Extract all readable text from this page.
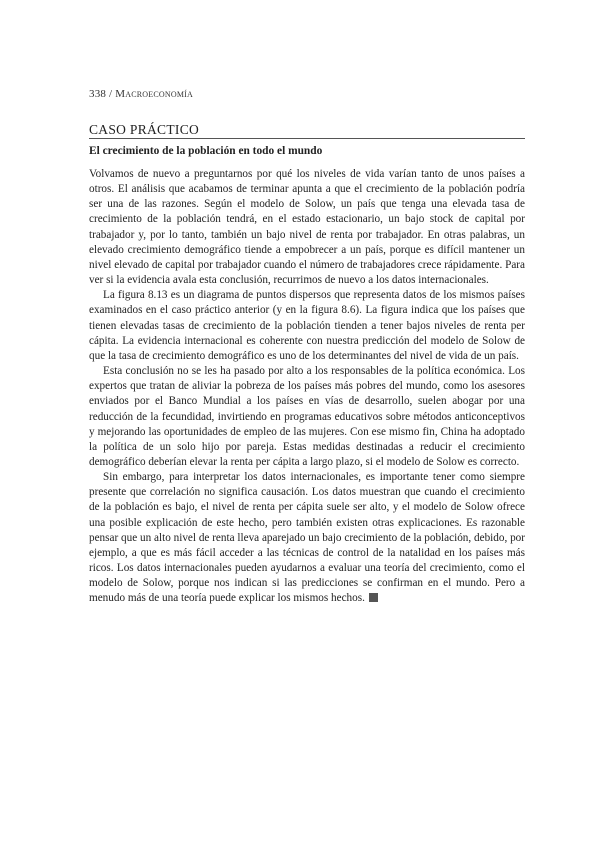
338 / Macroeconomía
CASO PRÁCTICO
El crecimiento de la población en todo el mundo

Volvamos de nuevo a preguntarnos por qué los niveles de vida varían tanto de unos países a otros. El análisis que acabamos de terminar apunta a que el crecimiento de la población podría ser una de las razones. Según el modelo de Solow, un país que tenga una elevada tasa de crecimiento de la población tendrá, en el estado estacionario, un bajo stock de capital por trabajador y, por lo tanto, también un bajo nivel de renta por trabajador. En otras palabras, un elevado crecimiento demográfico tiende a empobrecer a un país, porque es difícil mantener un nivel elevado de capital por trabajador cuando el número de trabajadores crece rápidamente. Para ver si la evidencia avala esta conclusión, recurrimos de nuevo a los datos internacionales.

La figura 8.13 es un diagrama de puntos dispersos que representa datos de los mismos países examinados en el caso práctico anterior (y en la figura 8.6). La figura indica que los países que tienen elevadas tasas de crecimiento de la población tienden a tener bajos niveles de renta per cápita. La evidencia internacional es coherente con nuestra predicción del modelo de Solow de que la tasa de crecimiento demográfico es uno de los determinantes del nivel de vida de un país.

Esta conclusión no se les ha pasado por alto a los responsables de la política económica. Los expertos que tratan de aliviar la pobreza de los países más pobres del mundo, como los asesores enviados por el Banco Mundial a los países en vías de desarrollo, suelen abogar por una reducción de la fecundidad, invirtiendo en programas educativos sobre métodos anticonceptivos y mejorando las oportunidades de empleo de las mujeres. Con ese mismo fin, China ha adoptado la política de un solo hijo por pareja. Estas medidas destinadas a reducir el crecimiento demográfico deberían elevar la renta per cápita a largo plazo, si el modelo de Solow es correcto.

Sin embargo, para interpretar los datos internacionales, es importante tener como siempre presente que correlación no significa causación. Los datos muestran que cuando el crecimiento de la población es bajo, el nivel de renta per cápita suele ser alto, y el modelo de Solow ofrece una posible explicación de este hecho, pero también existen otras explicaciones. Es razonable pensar que un alto nivel de renta lleva aparejado un bajo crecimiento de la población, debido, por ejemplo, a que es más fácil acceder a las técnicas de control de la natalidad en los países más ricos. Los datos internacionales pueden ayudarnos a evaluar una teoría del crecimiento, como el modelo de Solow, porque nos indican si las predicciones se confirman en el mundo. Pero a menudo más de una teoría puede explicar los mismos hechos.
